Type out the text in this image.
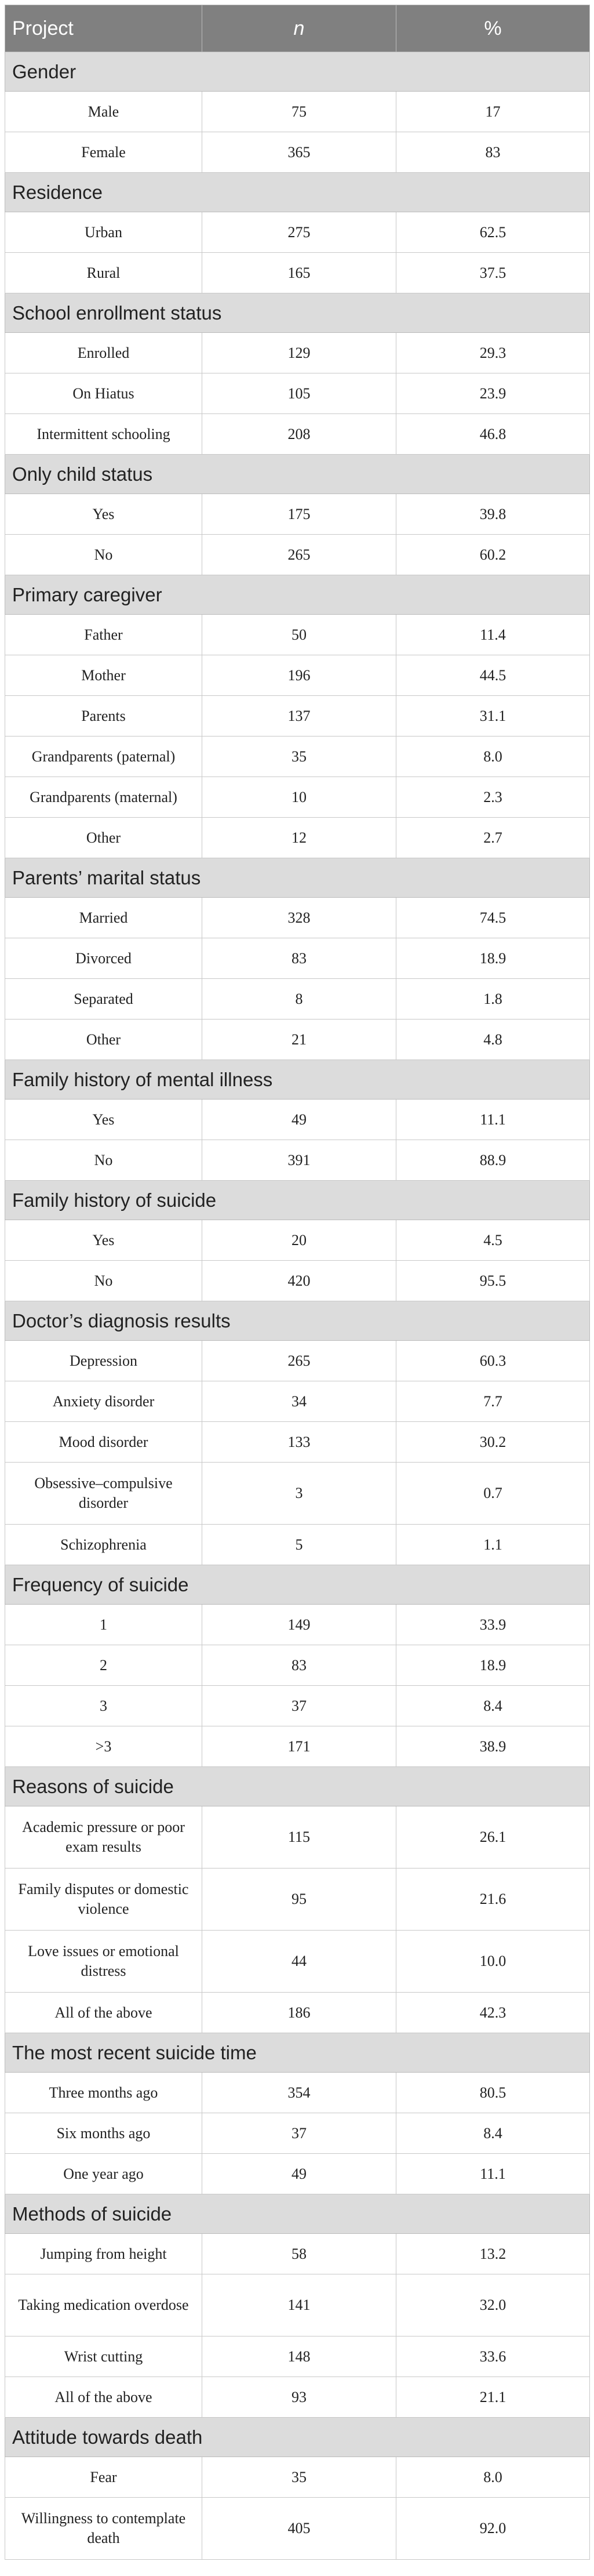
Project	n	%
Gender		
Male	75	17
Female	365	83
Residence		
Urban	275	62.5
Rural	165	37.5
School enrollment status		
Enrolled	129	29.3
On Hiatus	105	23.9
Intermittent schooling	208	46.8
Only child status		
Yes	175	39.8
No	265	60.2
Primary caregiver		
Father	50	11.4
Mother	196	44.5
Parents	137	31.1
Grandparents (paternal)	35	8.0
Grandparents (maternal)	10	2.3
Other	12	2.7
Parents’ marital status		
Married	328	74.5
Divorced	83	18.9
Separated	8	1.8
Other	21	4.8
Family history of mental illness		
Yes	49	11.1
No	391	88.9
Family history of suicide		
Yes	20	4.5
No	420	95.5
Doctor’s diagnosis results		
Depression	265	60.3
Anxiety disorder	34	7.7
Mood disorder	133	30.2
Obsessive–compulsive disorder	3	0.7
Schizophrenia	5	1.1
Frequency of suicide		
1	149	33.9
2	83	18.9
3	37	8.4
>3	171	38.9
Reasons of suicide		
Academic pressure or poor exam results	115	26.1
Family disputes or domestic violence	95	21.6
Love issues or emotional distress	44	10.0
All of the above	186	42.3
The most recent suicide time		
Three months ago	354	80.5
Six months ago	37	8.4
One year ago	49	11.1
Methods of suicide		
Jumping from height	58	13.2
Taking medication overdose	141	32.0
Wrist cutting	148	33.6
All of the above	93	21.1
Attitude towards death		
Fear	35	8.0
Willingness to contemplate death	405	92.0
